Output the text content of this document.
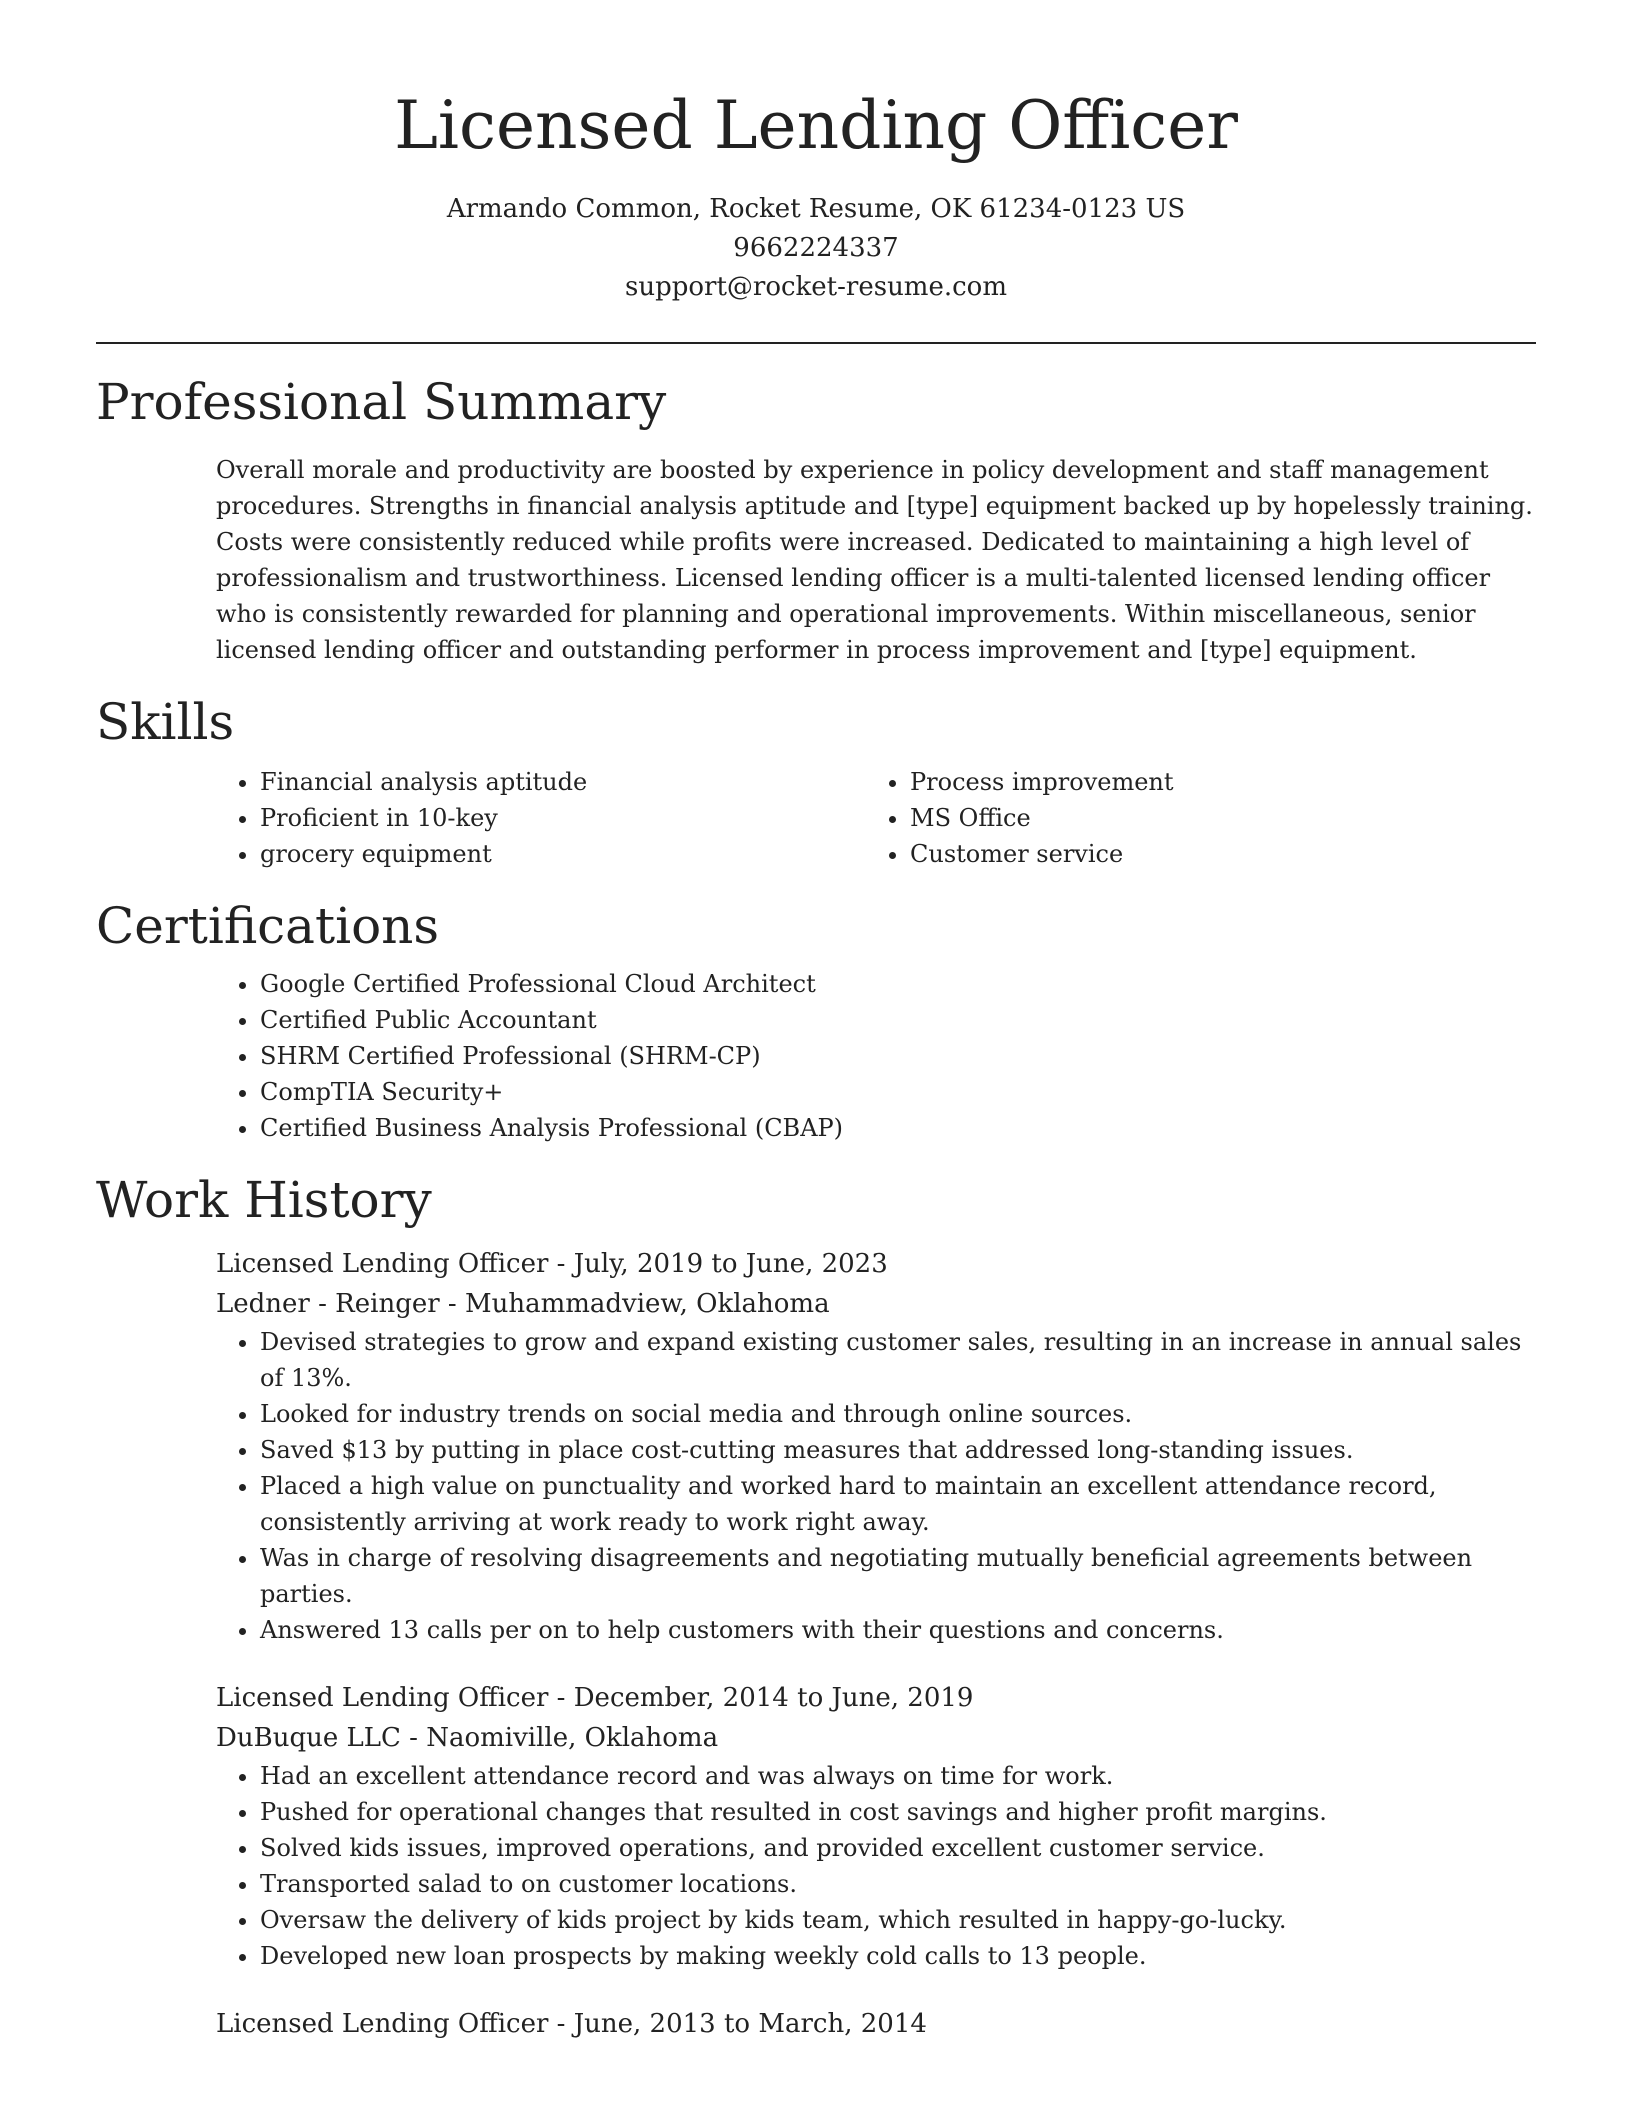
Licensed Lending Officer
Armando Common, Rocket Resume, OK 61234-0123 US
9662224337
support@rocket-resume.com
Professional Summary
Overall morale and productivity are boosted by experience in policy development and staff management procedures. Strengths in financial analysis aptitude and [type] equipment backed up by hopelessly training. Costs were consistently reduced while profits were increased. Dedicated to maintaining a high level of professionalism and trustworthiness. Licensed lending officer is a multi-talented licensed lending officer who is consistently rewarded for planning and operational improvements. Within miscellaneous, senior licensed lending officer and outstanding performer in process improvement and [type] equipment.
Skills
• Financial analysis aptitude
• Proficient in 10-key
• grocery equipment
• Process improvement
• MS Office
• Customer service
Certifications
• Google Certified Professional Cloud Architect
• Certified Public Accountant
• SHRM Certified Professional (SHRM-CP)
• CompTIA Security+
• Certified Business Analysis Professional (CBAP)
Work History
Licensed Lending Officer - July, 2019 to June, 2023
Ledner - Reinger - Muhammadview, Oklahoma
• Devised strategies to grow and expand existing customer sales, resulting in an increase in annual sales of 13%.
• Looked for industry trends on social media and through online sources.
• Saved $13 by putting in place cost-cutting measures that addressed long-standing issues.
• Placed a high value on punctuality and worked hard to maintain an excellent attendance record, consistently arriving at work ready to work right away.
• Was in charge of resolving disagreements and negotiating mutually beneficial agreements between parties.
• Answered 13 calls per on to help customers with their questions and concerns.
Licensed Lending Officer - December, 2014 to June, 2019
DuBuque LLC - Naomiville, Oklahoma
• Had an excellent attendance record and was always on time for work.
• Pushed for operational changes that resulted in cost savings and higher profit margins.
• Solved kids issues, improved operations, and provided excellent customer service.
• Transported salad to on customer locations.
• Oversaw the delivery of kids project by kids team, which resulted in happy-go-lucky.
• Developed new loan prospects by making weekly cold calls to 13 people.
Licensed Lending Officer - June, 2013 to March, 2014
